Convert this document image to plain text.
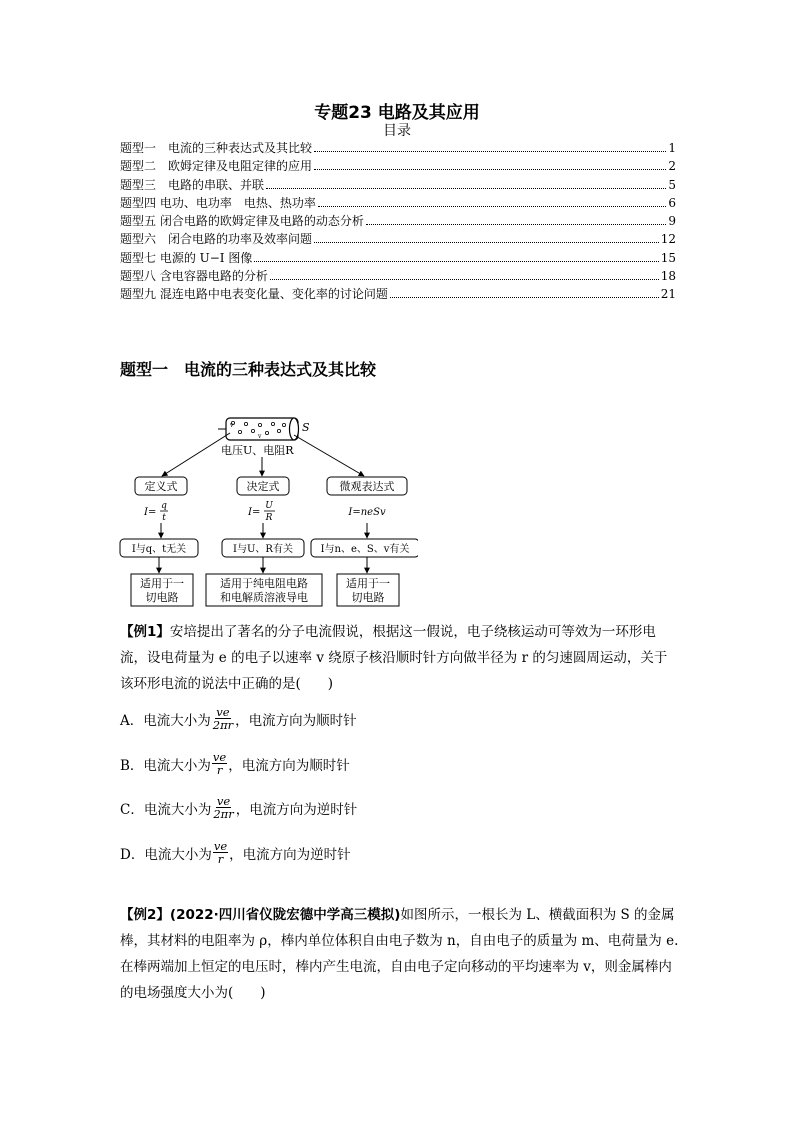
专题23 电路及其应用
目录
题型一　电流的三种表达式及其比较	1
题型二　欧姆定律及电阻定律的应用	2
题型三　电路的串联、并联	5
题型四 电功、电功率　电热、热功率	6
题型五 闭合电路的欧姆定律及电路的动态分析	9
题型六　闭合电路的功率及效率问题	12
题型七 电源的 U−I 图像	15
题型八 含电容器电路的分析	18
题型九 混连电路中电表变化量、变化率的讨论问题	21
题型一　电流的三种表达式及其比较
v
v
S
电压U、电阻R
定义式	决定式	微观表达式
I=
q
t	I=
U
R	I=neSv
I与q、t无关	I与U、R有关	I与n、e、S、v有关
适用于一
切电路
适用于纯电阻电路
和电解质溶液导电
适用于一
切电路
【例1】安培提出了著名的分子电流假说，根据这一假说，电子绕核运动可等效为一环形电流，设电荷量为 e 的电子以速率 v 绕原子核沿顺时针方向做半径为 r 的匀速圆周运动，关于该环形电流的说法中正确的是(　　)
A．电流大小为 $\frac{ve}{2\pi r}$ ，电流方向为顺时针
B．电流大小为 $\frac{ve}{r}$ ，电流方向为顺时针
C．电流大小为 $\frac{ve}{2\pi r}$ ，电流方向为逆时针
D．电流大小为 $\frac{ve}{r}$ ，电流方向为逆时针
【例2】(2022·四川省仪陇宏德中学高三模拟)如图所示，一根长为 L、横截面积为 S 的金属棒，其材料的电阻率为 ρ，棒内单位体积自由电子数为 n，自由电子的质量为 m、电荷量为 e.在棒两端加上恒定的电压时，棒内产生电流，自由电子定向移动的平均速率为 v，则金属棒内的电场强度大小为(　　)
